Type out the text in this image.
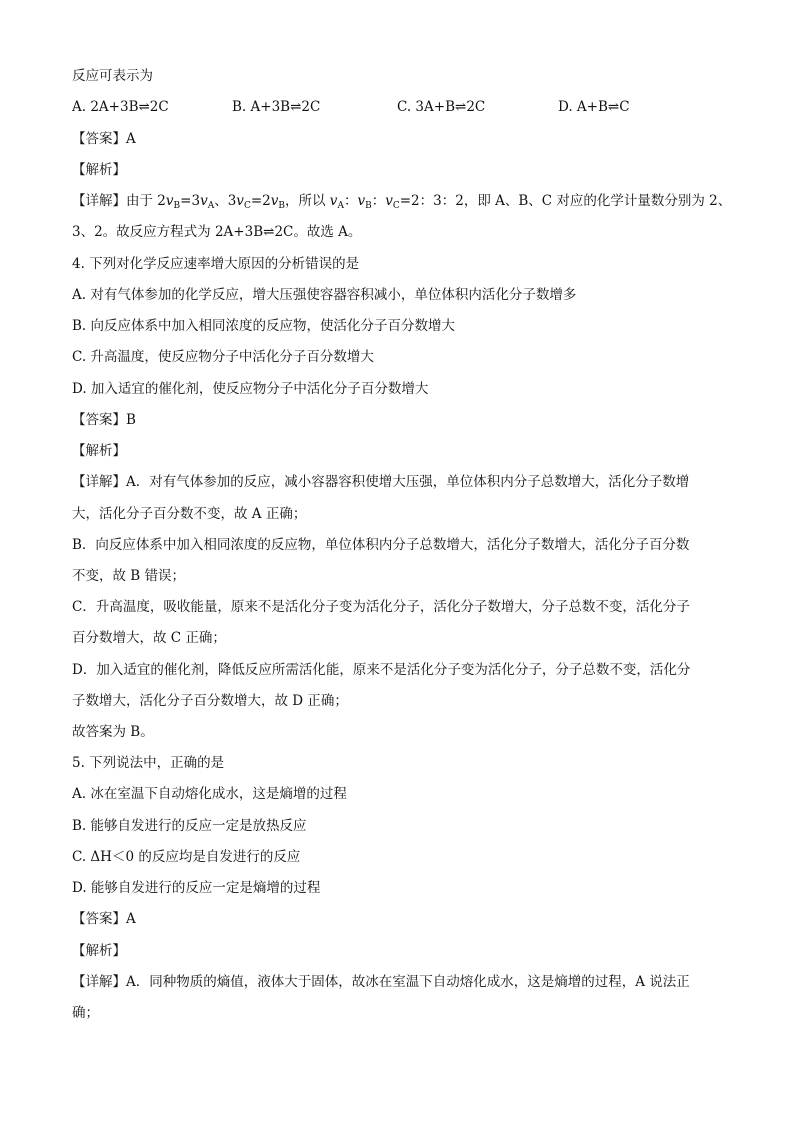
反应可表示为
A. 2A+3B⇌2C	B. A+3B⇌2C	C. 3A+B⇌2C	D. A+B⇌C
【答案】A
【解析】
【详解】由于 $2v_B=3v_A$、$3v_C=2v_B$，所以 $v_A$：$v_B$：$v_C=2$：3：2，即 A、B、C 对应的化学计量数分别为 2、
3、2。故反应方程式为 2A+3B⇌2C。故选 A。
4. 下列对化学反应速率增大原因的分析错误的是
A. 对有气体参加的化学反应，增大压强使容器容积减小，单位体积内活化分子数增多
B. 向反应体系中加入相同浓度的反应物，使活化分子百分数增大
C. 升高温度，使反应物分子中活化分子百分数增大
D. 加入适宜的催化剂，使反应物分子中活化分子百分数增大
【答案】B
【解析】
【详解】A．对有气体参加的反应，减小容器容积使增大压强，单位体积内分子总数增大，活化分子数增
大，活化分子百分数不变，故 A 正确；
B．向反应体系中加入相同浓度的反应物，单位体积内分子总数增大，活化分子数增大，活化分子百分数
不变，故 B 错误；
C．升高温度，吸收能量，原来不是活化分子变为活化分子，活化分子数增大，分子总数不变，活化分子
百分数增大，故 C 正确；
D．加入适宜的催化剂，降低反应所需活化能，原来不是活化分子变为活化分子，分子总数不变，活化分
子数增大，活化分子百分数增大，故 D 正确；
故答案为 B。
5. 下列说法中，正确的是
A. 冰在室温下自动熔化成水，这是熵增的过程
B. 能够自发进行的反应一定是放热反应
C. ΔH＜0 的反应均是自发进行的反应
D. 能够自发进行的反应一定是熵增的过程
【答案】A
【解析】
【详解】A．同种物质的熵值，液体大于固体，故冰在室温下自动熔化成水，这是熵增的过程，A 说法正
确；
